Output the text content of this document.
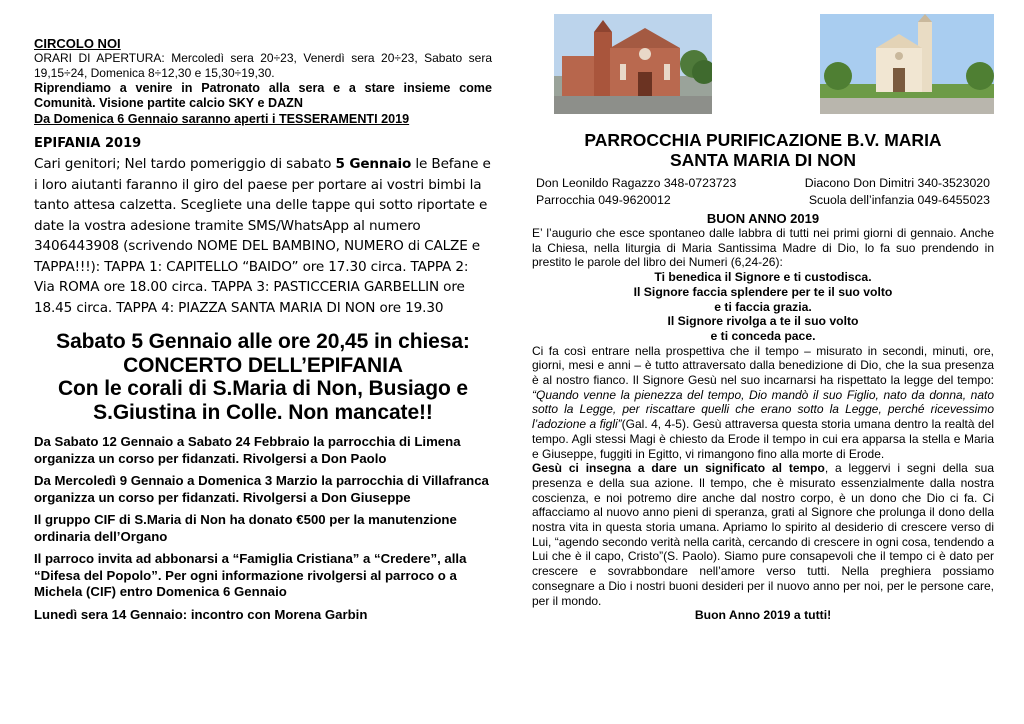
CIRCOLO NOI
ORARI DI APERTURA: Mercoledì sera 20÷23, Venerdì sera 20÷23, Sabato sera 19,15÷24, Domenica 8÷12,30 e 15,30÷19,30.
Riprendiamo a venire in Patronato alla sera e a stare insieme come Comunità. Visione partite calcio SKY e DAZN
Da Domenica 6 Gennaio saranno aperti i TESSERAMENTI 2019
EPIFANIA 2019
Cari genitori; Nel tardo pomeriggio di sabato 5 Gennaio le Befane e i loro aiutanti faranno il giro del paese per portare ai vostri bimbi la tanto attesa calzetta. Scegliete una delle tappe qui sotto riportate e date la vostra adesione tramite SMS/WhatsApp al numero 3406443908 (scrivendo NOME DEL BAMBINO, NUMERO di CALZE e TAPPA!!!): TAPPA 1: CAPITELLO “BAIDO” ore 17.30 circa. TAPPA 2: Via ROMA ore 18.00 circa. TAPPA 3: PASTICCERIA GARBELLIN ore 18.45 circa. TAPPA 4: PIAZZA SANTA MARIA DI NON ore 19.30
Sabato 5 Gennaio alle ore 20,45 in chiesa:
CONCERTO DELL’EPIFANIA
Con le corali di S.Maria di Non, Busiago e S.Giustina in Colle. Non mancate!!
Da Sabato 12 Gennaio a Sabato 24 Febbraio la parrocchia di Limena organizza un corso per fidanzati. Rivolgersi a Don Paolo
Da Mercoledì 9 Gennaio a Domenica 3 Marzio la parrocchia di Villafranca organizza un corso per fidanzati. Rivolgersi a Don Giuseppe
Il gruppo CIF di S.Maria di Non ha donato €500 per la manutenzione ordinaria dell’Organo
Il parroco invita ad abbonarsi a “Famiglia Cristiana” a “Credere”, alla “Difesa del Popolo”. Per ogni informazione rivolgersi al parroco o a Michela (CIF) entro Domenica 6 Gennaio
Lunedì sera 14 Gennaio: incontro con Morena Garbin
PARROCCHIA PURIFICAZIONE B.V. MARIA
SANTA MARIA DI NON
Don Leonildo Ragazzo 348-0723723	Diacono Don Dimitri 340-3523020
Parrocchia 049-9620012	Scuola dell’infanzia 049-6455023
BUON ANNO 2019
E’ l’augurio che esce spontaneo dalle labbra di tutti nei primi giorni di gennaio. Anche la Chiesa, nella liturgia di Maria Santissima Madre di Dio, lo fa suo prendendo in prestito le parole del libro dei Numeri (6,24-26):
Ti benedica il Signore e ti custodisca.
Il Signore faccia splendere per te il suo volto
e ti faccia grazia.
Il Signore rivolga a te il suo volto
e ti conceda pace.
Ci fa così entrare nella prospettiva che il tempo – misurato in secondi, minuti, ore, giorni, mesi e anni – è tutto attraversato dalla benedizione di Dio, che la sua presenza è al nostro fianco. Il Signore Gesù nel suo incarnarsi ha rispettato la legge del tempo: “Quando venne la pienezza del tempo, Dio mandò il suo Figlio, nato da donna, nato sotto la Legge, per riscattare quelli che erano sotto la Legge, perché ricevessimo l’adozione a figli”(Gal. 4, 4-5). Gesù attraversa questa storia umana dentro la realtà del tempo. Agli stessi Magi è chiesto da Erode il tempo in cui era apparsa la stella e Maria e Giuseppe, fuggiti in Egitto, vi rimangono fino alla morte di Erode.
Gesù ci insegna a dare un significato al tempo, a leggervi i segni della sua presenza e della sua azione. Il tempo, che è misurato essenzialmente dalla nostra coscienza, e noi potremo dire anche dal nostro corpo, è un dono che Dio ci fa. Ci affacciamo al nuovo anno pieni di speranza, grati al Signore che prolunga il dono della nostra vita in questa storia umana. Apriamo lo spirito al desiderio di crescere verso di Lui, “agendo secondo verità nella carità, cercando di crescere in ogni cosa, tendendo a Lui che è il capo, Cristo”(S. Paolo). Siamo pure consapevoli che il tempo ci è dato per crescere e sovrabbondare nell’amore verso tutti. Nella preghiera possiamo consegnare a Dio i nostri buoni desideri per il nuovo anno per noi, per le persone care, per il mondo.
Buon Anno 2019 a tutti!
